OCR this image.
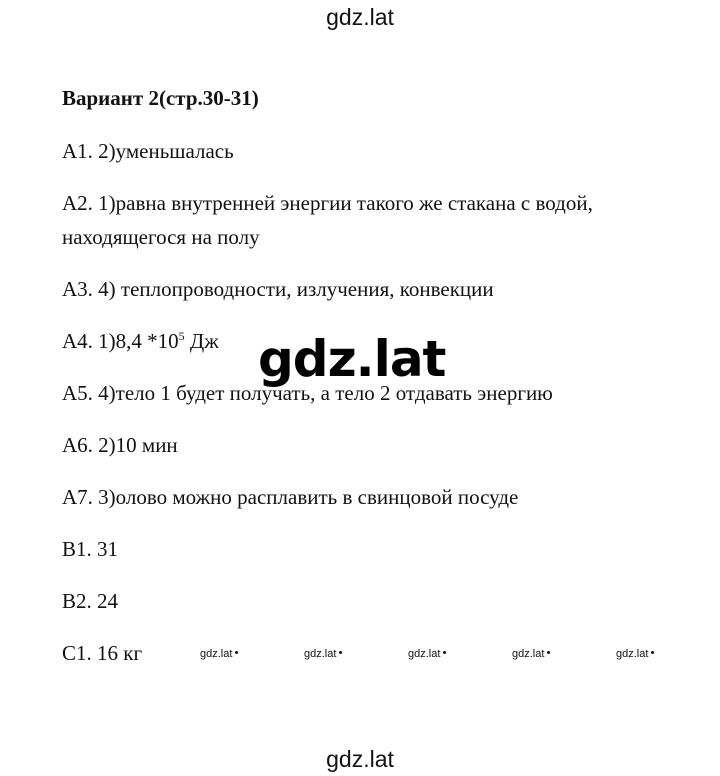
gdz.lat
Вариант 2(стр.30-31)
А1. 2)уменьшалась
А2. 1)равна внутренней энергии такого же стакана с водой,
находящегося на полу
А3. 4) теплопроводности, излучения, конвекции
А4. 1)8,4 $*10^5$ Дж
А5. 4)тело 1 будет получать, а тело 2 отдавать энергию
А6. 2)10 мин
А7. 3)олово можно расплавить в свинцовой посуде
В1. 31
В2. 24
С1. 16 кг
gdz.lat
gdz.lat	gdz.lat	gdz.lat	gdz.lat	gdz.lat
gdz.lat
